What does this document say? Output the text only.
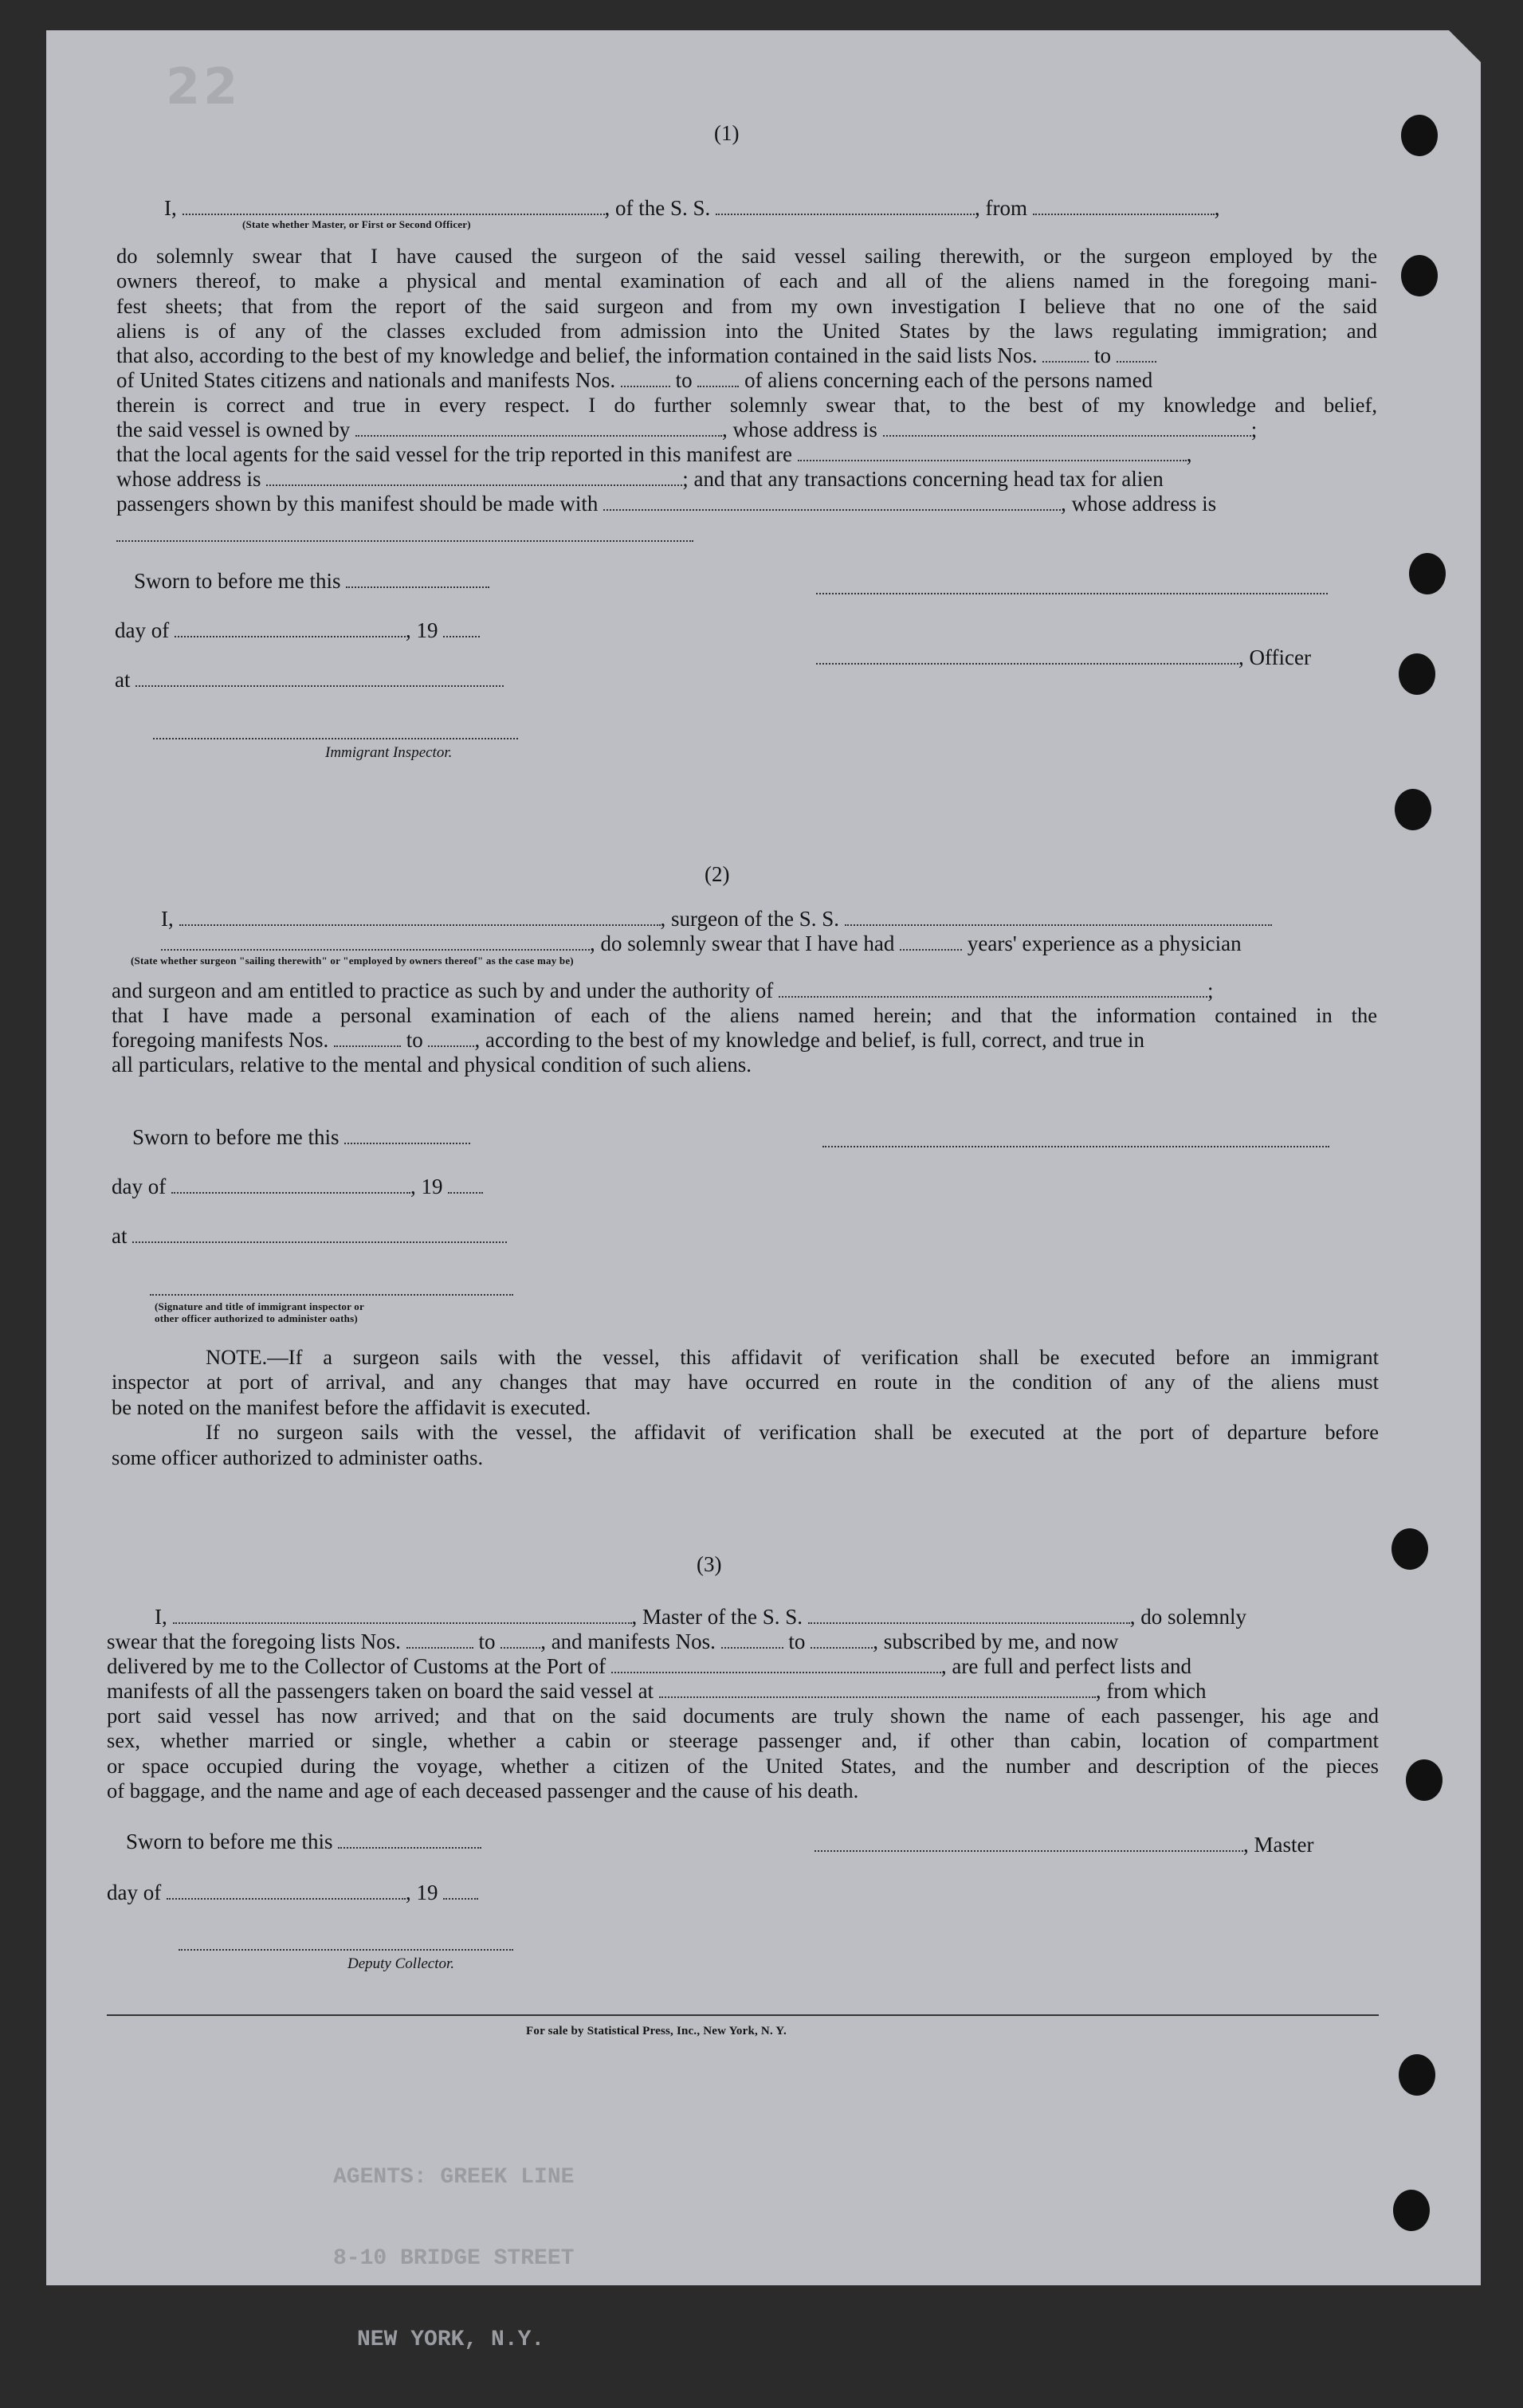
22
(1)
I,	, of the S. S.	, from	,
(State whether Master, or First or Second Officer)
do solemnly swear that I have caused the surgeon of the said vessel sailing therewith, or the surgeon employed by the
owners thereof, to make a physical and mental examination of each and all of the aliens named in the foregoing mani-
fest sheets; that from the report of the said surgeon and from my own investigation I believe that no one of the said
aliens is of any of the classes excluded from admission into the United States by the laws regulating immigration; and
that also, according to the best of my knowledge and belief, the information contained in the said lists Nos.	to
of United States citizens and nationals and manifests Nos.	to of aliens concerning each of the persons named
therein is correct and true in every respect. I do further solemnly swear that, to the best of my knowledge and belief,
the said vessel is owned by	, whose address is	;
that the local agents for the said vessel for the trip reported in this manifest are	,
whose address is	; and that any transactions concerning head tax for alien
passengers shown by this manifest should be made with	, whose address is
Sworn to before me this
day of	, 19
, Officer
at
Immigrant Inspector.
(2)
I,	, surgeon of the S. S.
, do solemnly swear that I have had	years' experience as a physician
(State whether surgeon "sailing therewith" or "employed by owners thereof" as the case may be)
and surgeon and am entitled to practice as such by and under the authority of	;
that I have made a personal examination of each of the aliens named herein; and that the information contained in the
foregoing manifests Nos.	to , according to the best of my knowledge and belief, is full, correct, and true in
all particulars, relative to the mental and physical condition of such aliens.
Sworn to before me this
day of	, 19
at
(Signature and title of immigrant inspector or
other officer authorized to administer oaths)
NOTE.—If a surgeon sails with the vessel, this affidavit of verification shall be executed before an immigrant
inspector at port of arrival, and any changes that may have occurred en route in the condition of any of the aliens must
be noted on the manifest before the affidavit is executed.
If no surgeon sails with the vessel, the affidavit of verification shall be executed at the port of departure before
some officer authorized to administer oaths.
(3)
I,	, Master of the S. S.	, do solemnly
swear that the foregoing lists Nos.	to , and manifests Nos.	to	, subscribed by me, and now
delivered by me to the Collector of Customs at the Port of	, are full and perfect lists and
manifests of all the passengers taken on board the said vessel at	, from which
port said vessel has now arrived; and that on the said documents are truly shown the name of each passenger, his age and
sex, whether married or single, whether a cabin or steerage passenger and, if other than cabin, location of compartment
or space occupied during the voyage, whether a citizen of the United States, and the number and description of the pieces
of baggage, and the name and age of each deceased passenger and the cause of his death.
Sworn to before me this	, Master
day of	, 19
Deputy Collector.
For sale by Statistical Press, Inc., New York, N. Y.

AGENTS: GREEK LINE

8-10 BRIDGE STREET

NEW YORK, N.Y.
